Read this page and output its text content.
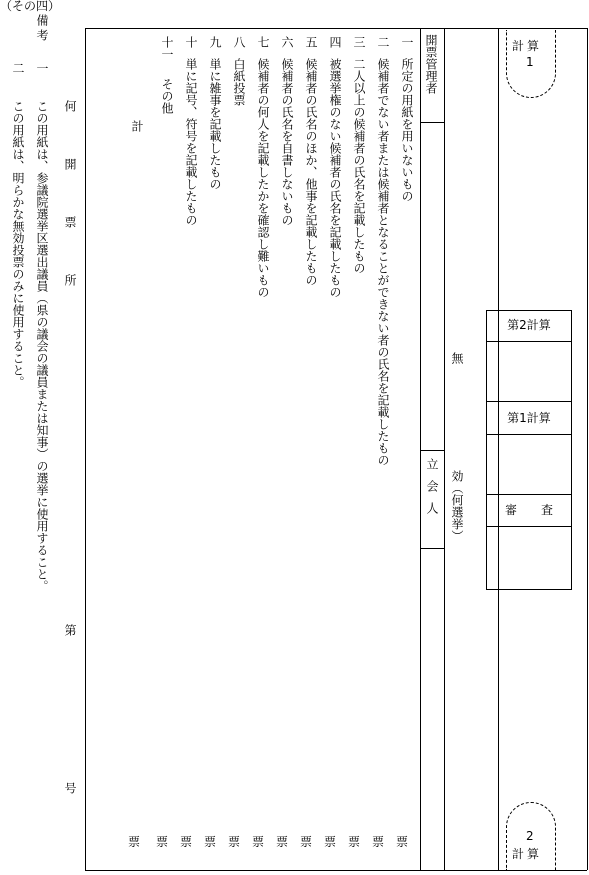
（その四）
備考
一
この用紙は、参議院選挙区選出議員（県の議会の議員または知事）の選挙に使用すること。
二
この用紙は、明らかな無効投票のみに使用すること。	何
開
票
所
第
号
一
所定の用紙を用いないもの
二
候補者でない者または候補者となることができない者の氏名を記載したもの
三
二人以上の候補者の氏名を記載したもの
四
被選挙権のない候補者の氏名を記載したもの
五
候補者の氏名のほか、他事を記載したもの
六
候補者の氏名を自書しないもの
七
候補者の何人を記載したかを確認し難いもの
八
白紙投票
九
単に雑事を記載したもの
十
単に記号、符号を記載したもの
十一
その他
計
票
票
票
票
票
票
票
票
票
票
票
票
開票管理者
立会人
無
効（何選挙）
計算
1
第2計算
第1計算
審　　査
2
計算
